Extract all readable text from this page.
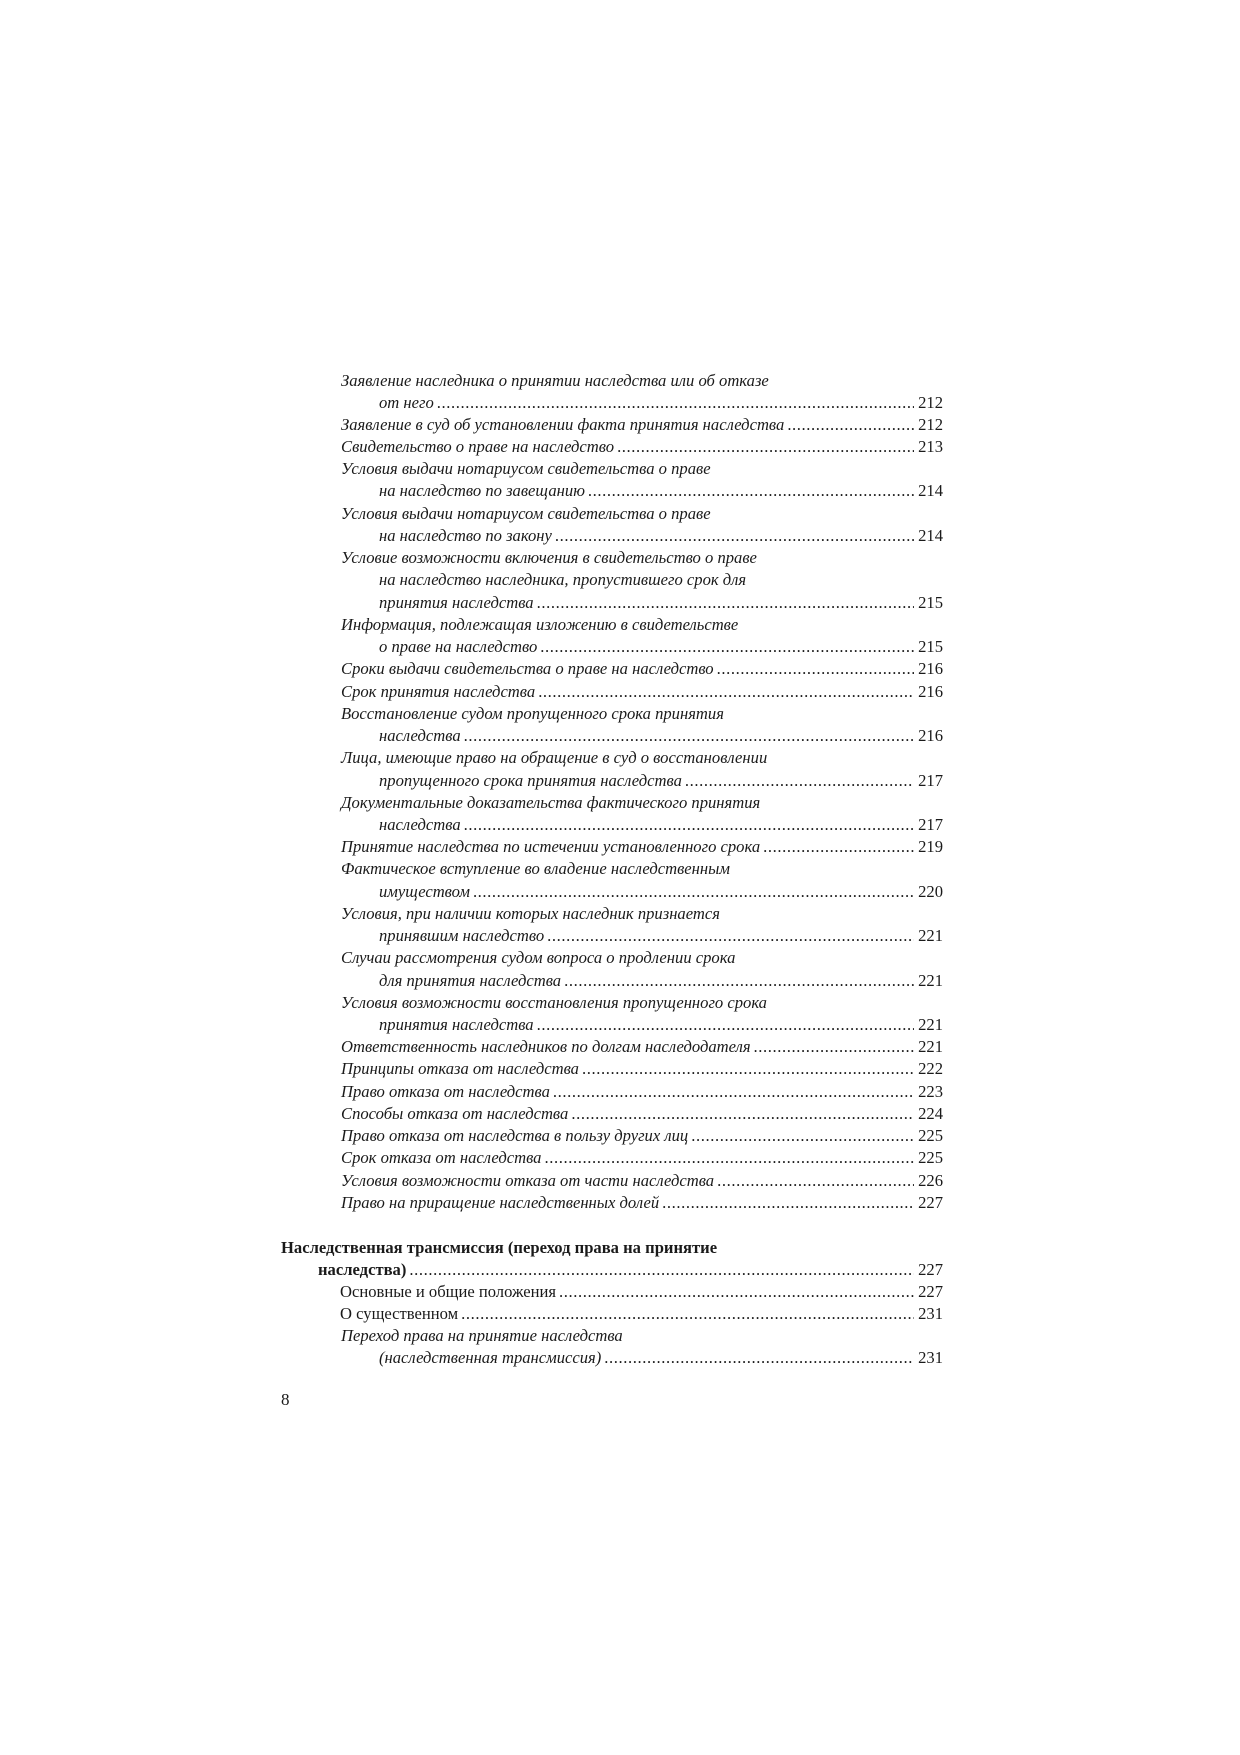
Заявление наследника о принятии наследства или об отказе
от него .....	212
Заявление в суд об установлении факта принятия наследства .....	212
Свидетельство о праве на наследство .....	213
Условия выдачи нотариусом свидетельства о праве
на наследство по завещанию .....	214
Условия выдачи нотариусом свидетельства о праве
на наследство по закону .....	214
Условие возможности включения в свидетельство о праве
на наследство наследника, пропустившего срок для
принятия наследства .....	215
Информация, подлежащая изложению в свидетельстве
о праве на наследство .....	215
Сроки выдачи свидетельства о праве на наследство .....	216
Срок принятия наследства .....	216
Восстановление судом пропущенного срока принятия
наследства .....	216
Лица, имеющие право на обращение в суд о восстановлении
пропущенного срока принятия наследства .....	217
Документальные доказательства фактического принятия
наследства .....	217
Принятие наследства по истечении установленного срока .....	219
Фактическое вступление во владение наследственным
имуществом .....	220
Условия, при наличии которых наследник признается
принявшим наследство .....	221
Случаи рассмотрения судом вопроса о продлении срока
для принятия наследства .....	221
Условия возможности восстановления пропущенного срока
принятия наследства .....	221
Ответственность наследников по долгам наследодателя .....	221
Принципы отказа от наследства .....	222
Право отказа от наследства .....	223
Способы отказа от наследства .....	224
Право отказа от наследства в пользу других лиц .....	225
Срок отказа от наследства .....	225
Условия возможности отказа от части наследства .....	226
Право на приращение наследственных долей .....	227
Наследственная трансмиссия (переход права на принятие
наследства) .....	227
Основные и общие положения .....	227
О существенном .....	231
Переход права на принятие наследства
(наследственная трансмиссия) .....	231
8
